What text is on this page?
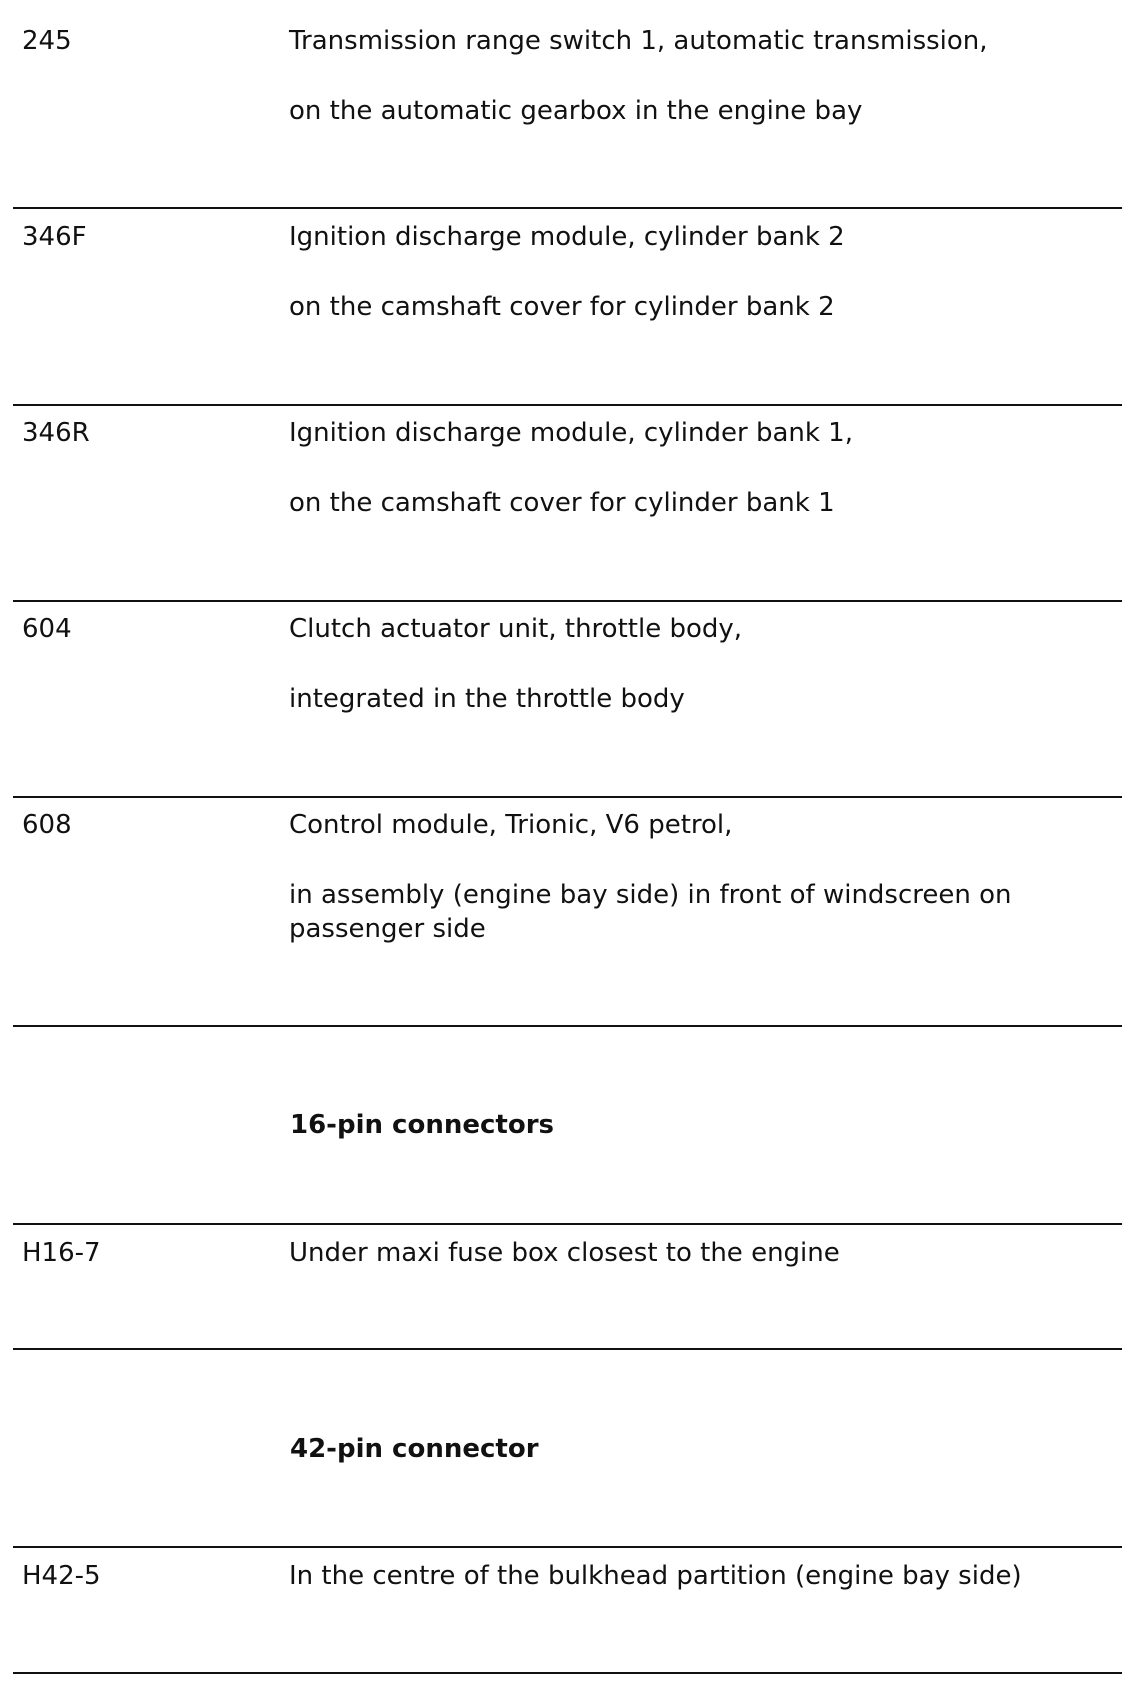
245	Transmission range switch 1, automatic transmission,
on the automatic gearbox in the engine bay
346F	Ignition discharge module, cylinder bank 2
on the camshaft cover for cylinder bank 2
346R	Ignition discharge module, cylinder bank 1,
on the camshaft cover for cylinder bank 1
604	Clutch actuator unit, throttle body,
integrated in the throttle body
608	Control module, Trionic, V6 petrol,
in assembly (engine bay side) in front of windscreen on passenger side
16-pin connectors
H16-7	Under maxi fuse box closest to the engine
42-pin connector
H42-5	In the centre of the bulkhead partition (engine bay side)
